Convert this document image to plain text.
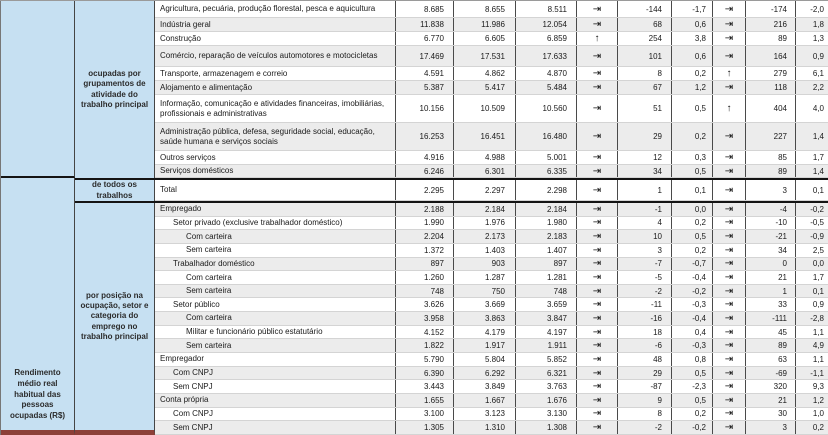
Rendimento médio real habitual das pessoas ocupadas (R$)
ocupadas por grupamentos de atividade do trabalho principal
Agricultura, pecuária, produção florestal, pesca e aquicultura	8.685	8.655	8.511	⇥	-144	-1,7	⇥	-174	-2,0
Indústria geral	11.838	11.986	12.054	⇥	68	0,6	⇥	216	1,8
Construção	6.770	6.605	6.859	↑	254	3,8	⇥	89	1,3
Comércio, reparação de veículos automotores e motocicletas	17.469	17.531	17.633	⇥	101	0,6	⇥	164	0,9
Transporte, armazenagem e correio	4.591	4.862	4.870	⇥	8	0,2	↑	279	6,1
Alojamento e alimentação	5.387	5.417	5.484	⇥	67	1,2	⇥	118	2,2
Informação, comunicação e atividades financeiras, imobiliárias, profissionais e administrativas	10.156	10.509	10.560	⇥	51	0,5	↑	404	4,0
Administração pública, defesa, seguridade social, educação, saúde humana e serviços sociais	16.253	16.451	16.480	⇥	29	0,2	⇥	227	1,4
Outros serviços	4.916	4.988	5.001	⇥	12	0,3	⇥	85	1,7
Serviços domésticos	6.246	6.301	6.335	⇥	34	0,5	⇥	89	1,4
de todos os trabalhos
Total	2.295	2.297	2.298	⇥	1	0,1	⇥	3	0,1
por posição na ocupação, setor e categoria do emprego no trabalho principal
Empregado	2.188	2.184	2.184	⇥	-1	0,0	⇥	-4	-0,2
Setor privado (exclusive trabalhador doméstico)	1.990	1.976	1.980	⇥	4	0,2	⇥	-10	-0,5
Com carteira	2.204	2.173	2.183	⇥	10	0,5	⇥	-21	-0,9
Sem carteira	1.372	1.403	1.407	⇥	3	0,2	⇥	34	2,5
Trabalhador doméstico	897	903	897	⇥	-7	-0,7	⇥	0	0,0
Com carteira	1.260	1.287	1.281	⇥	-5	-0,4	⇥	21	1,7
Sem carteira	748	750	748	⇥	-2	-0,2	⇥	1	0,1
Setor público	3.626	3.669	3.659	⇥	-11	-0,3	⇥	33	0,9
Com carteira	3.958	3.863	3.847	⇥	-16	-0,4	⇥	-111	-2,8
Militar e funcionário público estatutário	4.152	4.179	4.197	⇥	18	0,4	⇥	45	1,1
Sem carteira	1.822	1.917	1.911	⇥	-6	-0,3	⇥	89	4,9
Empregador	5.790	5.804	5.852	⇥	48	0,8	⇥	63	1,1
Com CNPJ	6.390	6.292	6.321	⇥	29	0,5	⇥	-69	-1,1
Sem CNPJ	3.443	3.849	3.763	⇥	-87	-2,3	⇥	320	9,3
Conta própria	1.655	1.667	1.676	⇥	9	0,5	⇥	21	1,2
Com CNPJ	3.100	3.123	3.130	⇥	8	0,2	⇥	30	1,0
Sem CNPJ	1.305	1.310	1.308	⇥	-2	-0,2	⇥	3	0,2
